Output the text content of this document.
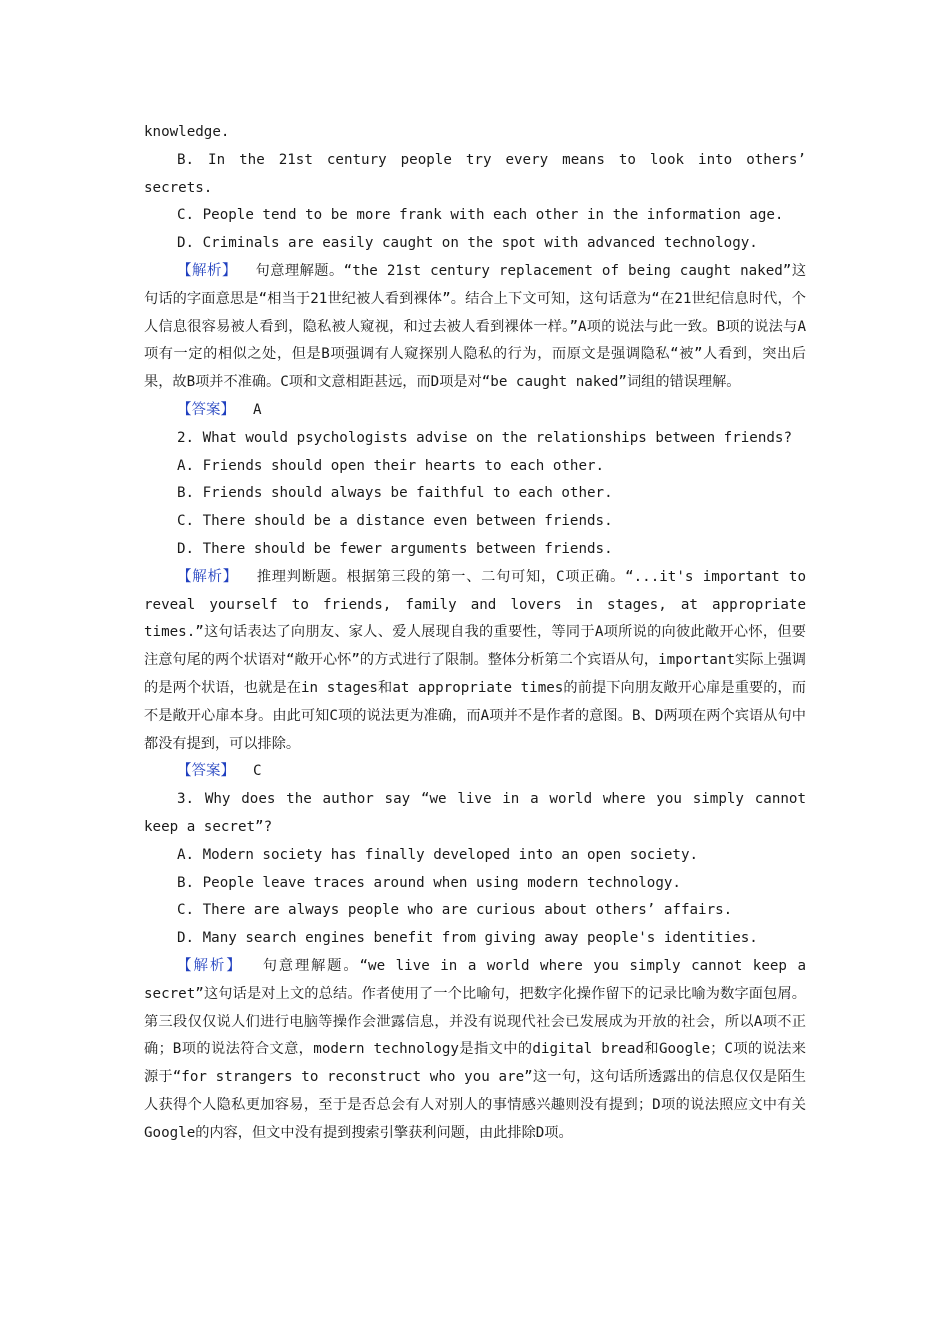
knowledge.

B. In the 21st century people try every means to look into others’ secrets.

C. People tend to be more frank with each other in the information age.

D. Criminals are easily caught on the spot with advanced technology.

【解析】 句意理解题。“the 21st century replacement of being caught naked”这句话的字面意思是“相当于21世纪被人看到裸体”。结合上下文可知，这句话意为“在21世纪信息时代，个人信息很容易被人看到，隐私被人窥视，和过去被人看到裸体一样。”A项的说法与此一致。B项的说法与A项有一定的相似之处，但是B项强调有人窥探别人隐私的行为，而原文是强调隐私“被”人看到，突出后果，故B项并不准确。C项和文意相距甚远，而D项是对“be caught naked”词组的错误理解。

【答案】 A

2. What would psychologists advise on the relationships between friends?

A. Friends should open their hearts to each other.

B. Friends should always be faithful to each other.

C. There should be a distance even between friends.

D. There should be fewer arguments between friends.

【解析】 推理判断题。根据第三段的第一、二句可知，C项正确。“...it's important to reveal yourself to friends, family and lovers in stages, at appropriate times.”这句话表达了向朋友、家人、爱人展现自我的重要性，等同于A项所说的向彼此敞开心怀，但要注意句尾的两个状语对“敞开心怀”的方式进行了限制。整体分析第二个宾语从句，important实际上强调的是两个状语，也就是在in stages和at appropriate times的前提下向朋友敞开心扉是重要的，而不是敞开心扉本身。由此可知C项的说法更为准确，而A项并不是作者的意图。B、D两项在两个宾语从句中都没有提到，可以排除。

【答案】 C

3. Why does the author say “we live in a world where you simply cannot keep a secret”?

A. Modern society has finally developed into an open society.

B. People leave traces around when using modern technology.

C. There are always people who are curious about others’ affairs.

D. Many search engines benefit from giving away people's identities.

【解析】 句意理解题。“we live in a world where you simply cannot keep a secret”这句话是对上文的总结。作者使用了一个比喻句，把数字化操作留下的记录比喻为数字面包屑。第三段仅仅说人们进行电脑等操作会泄露信息，并没有说现代社会已发展成为开放的社会，所以A项不正确；B项的说法符合文意，modern technology是指文中的digital bread和Google；C项的说法来源于“for strangers to reconstruct who you are”这一句，这句话所透露出的信息仅仅是陌生人获得个人隐私更加容易，至于是否总会有人对别人的事情感兴趣则没有提到；D项的说法照应文中有关Google的内容，但文中没有提到搜索引擎获利问题，由此排除D项。
